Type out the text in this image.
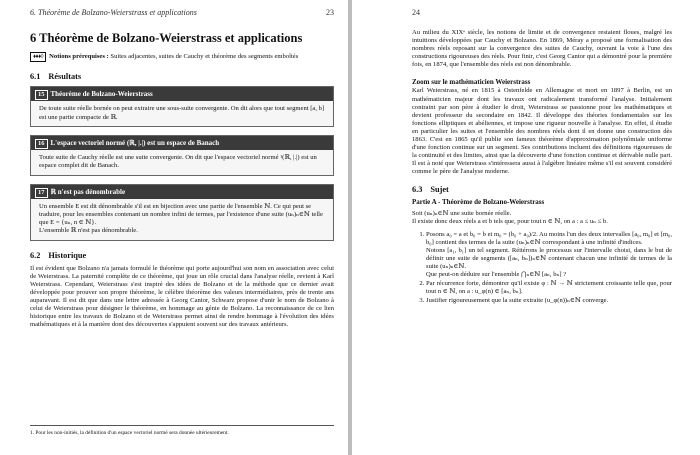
6. Théorème de Bolzano-Weierstrass et applications	23
6 Théorème de Bolzano-Weierstrass et applications
♦♦♦◊ Notions prérequises : Suites adjacentes, suites de Cauchy et théorème des segments emboîtés
6.1 Résultats
15 Théorème de Bolzano-Weierstrass
De toute suite réelle bornée on peut extraire une sous-suite convergente. On dit alors que tout segment [a, b] est une partie compacte de ℝ.
16 L'espace vectoriel normé (ℝ, |.|) est un espace de Banach
Toute suite de Cauchy réelle est une suite convergente. On dit que l'espace vectoriel normé ¹(ℝ, |.|) est un espace complet dit de Banach.
17 ℝ n'est pas dénombrable
Un ensemble E est dit dénombrable s'il est en bijection avec une partie de l'ensemble ℕ. Ce qui peut se traduire, pour les ensembles contenant un nombre infini de termes, par l'existence d'une suite (uₙ)ₙ∈ℕ telle que E = {uₙ, n ∈ ℕ}.
L'ensemble ℝ n'est pas dénombrable.
6.2 Historique

Il est évident que Bolzano n'a jamais formulé le théorème qui porte aujourd'hui son nom en association avec celui de Weierstrass. La paternité complète de ce théorème, qui joue un rôle crucial dans l'analyse réelle, revient à Karl Weierstrass. Cependant, Weierstrass s'est inspiré des idées de Bolzano et de la méthode que ce dernier avait développée pour prouver son propre théorème, le célèbre théorème des valeurs intermédiaires, près de trente ans auparavant. Il est dit que dans une lettre adressée à Georg Cantor, Schwarz propose d'unir le nom de Bolzano à celui de Weierstrass pour désigner le théorème, en hommage au génie de Bolzano. La reconnaissance de ce lien historique entre les travaux de Bolzano et de Weierstrass permet ainsi de rendre hommage à l'évolution des idées mathématiques et à la manière dont des découvertes s'appuient souvent sur des travaux antérieurs.

1. Pour les non-initiés, la définition d'un espace vectoriel normé sera donnée ultérieurement.
24

Au milieu du XIXᵉ siècle, les notions de limite et de convergence restaient floues, malgré les intuitions développées par Cauchy et Bolzano. En 1869, Méray a proposé une formalisation des nombres réels reposant sur la convergence des suites de Cauchy, ouvrant la voie à l'une des constructions rigoureuses des réels. Pour finir, c'est Georg Cantor qui a démontré pour la première fois, en 1874, que l'ensemble des réels est non dénombrable.

Zoom sur le mathématicien Weierstrass

Karl Weierstrass, né en 1815 à Ostenfelde en Allemagne et mort en 1897 à Berlin, est un mathématicien majeur dont les travaux ont radicalement transformé l'analyse. Initialement contraint par son père à étudier le droit, Weierstrass se passionne pour les mathématiques et devient professeur du secondaire en 1842. Il développe des théories fondamentales sur les fonctions elliptiques et abéliennes, et impose une rigueur nouvelle à l'analyse. En effet, il étudie en particulier les suites et l'ensemble des nombres réels dont il en donne une construction dès 1863. C'est en 1865 qu'il publie son fameux théorème d'approximation polynômiale uniforme d'une fonction continue sur un segment. Ses contributions incluent des définitions rigoureuses de la continuité et des limites, ainsi que la découverte d'une fonction continue et dérivable nulle part. Il est à noté que Weierstrass s'intéressera aussi à l'algèbre linéaire même s'il est souvent considéré comme le père de l'analyse moderne.

6.3 Sujet
Partie A - Théorème de Bolzano-Weierstrass

Soit (uₙ)ₙ∈ℕ une suite bornée réelle.

Il existe donc deux réels a et b tels que, pour tout n ∈ ℕ, on a : a ≤ uₙ ≤ b.

1. Posons a₀ = a et b₀ = b et m₀ = (b₀ + a₀)/2. Au moins l'un des deux intervalles [a₀, m₀] et [m₀, b₀] contient des termes de la suite (uₙ)ₙ∈ℕ correspondant à une infinité d'indices.
Notons [a₁, b₁] un tel segment. Réitérons le processus sur l'intervalle choisi, dans le but de définir une suite de segments ([aₙ, bₙ])ₙ∈ℕ contenant chacun une infinité de termes de la suite (uₙ)ₙ∈ℕ.
Que peut-on déduire sur l'ensemble ⋂ₙ∈ℕ [aₙ, bₙ] ?
2. Par récurrence forte, démontrer qu'il existe φ : ℕ → ℕ strictement croissante telle que, pour tout n ∈ ℕ, on a : u_φ(n) ∈ [aₙ, bₙ].
3. Justifier rigoureusement que la suite extraite (u_φ(n))ₙ∈ℕ converge.
